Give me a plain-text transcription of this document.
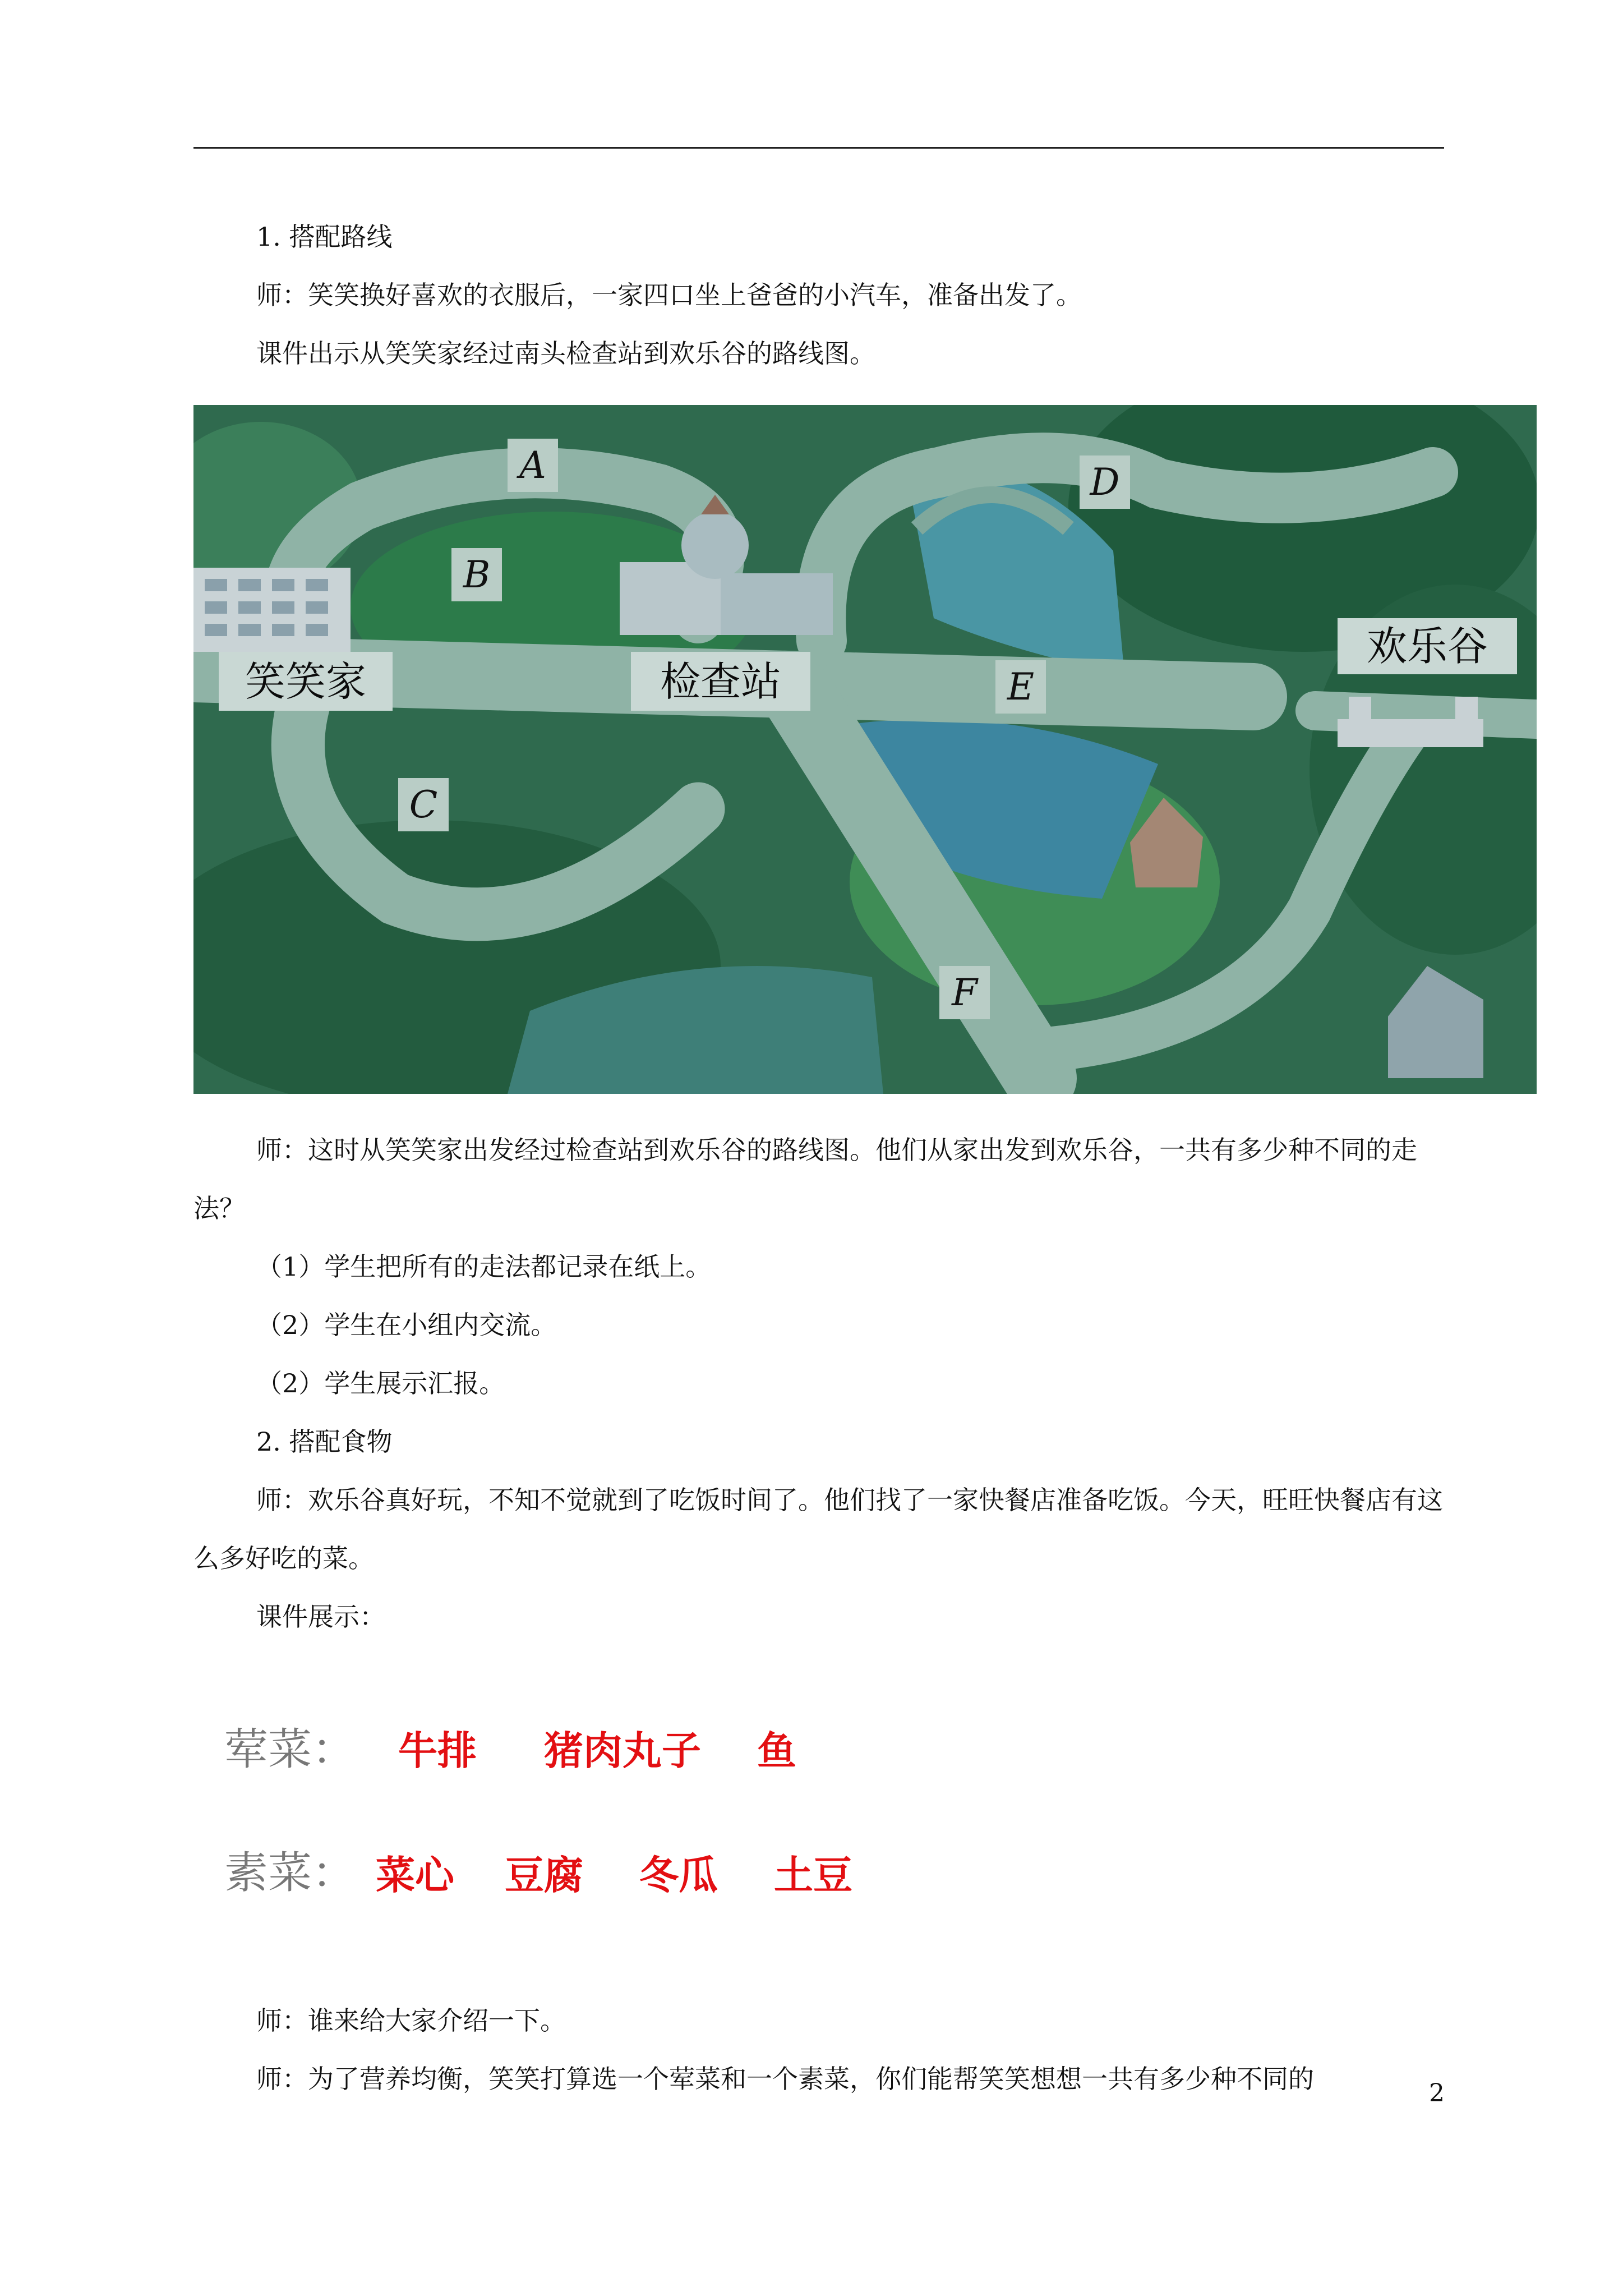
1. 搭配路线

师：笑笑换好喜欢的衣服后，一家四口坐上爸爸的小汽车，准备出发了。

课件出示从笑笑家经过南头检查站到欢乐谷的路线图。

笑笑家	检查站
欢乐谷
A
B
C
D
E
F

师：这时从笑笑家出发经过检查站到欢乐谷的路线图。他们从家出发到欢乐谷，一共有多少种不同的走法？

（1）学生把所有的走法都记录在纸上。

（2）学生在小组内交流。

（2）学生展示汇报。

2. 搭配食物

师：欢乐谷真好玩，不知不觉就到了吃饭时间了。他们找了一家快餐店准备吃饭。今天，旺旺快餐店有这么多好吃的菜。

课件展示：

荤菜： 牛排 猪肉丸子 鱼
素菜： 菜心 豆腐 冬瓜 土豆

师：谁来给大家介绍一下。

师：为了营养均衡，笑笑打算选一个荤菜和一个素菜，你们能帮笑笑想想一共有多少种不同的	2
